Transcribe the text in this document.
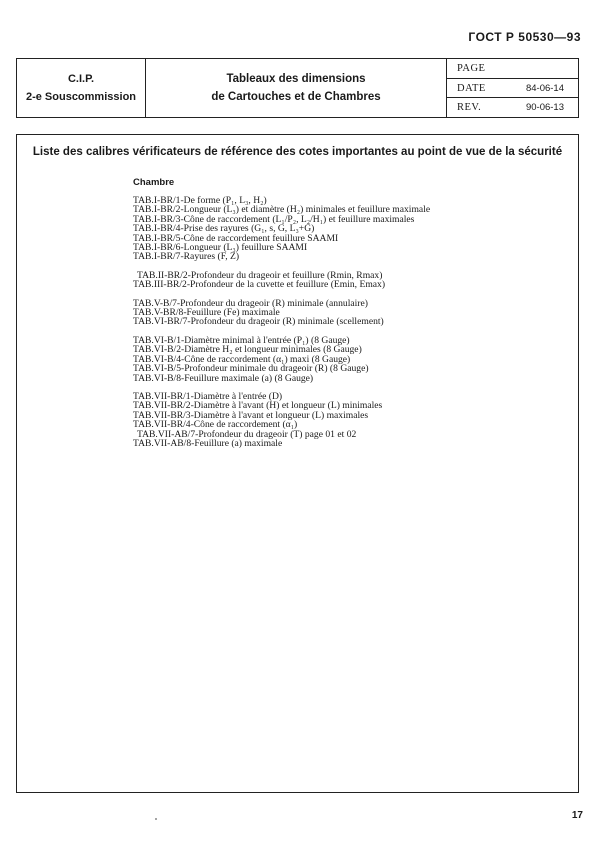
ГОСТ Р 50530—93
C.I.P.
2-e Souscommission
Tableaux des dimensions
de Cartouches et de Chambres
PAGE
DATE	84-06-14
REV.	90-06-13
Liste des calibres vérificateurs de référence des cotes importantes au point de vue de la sécurité
Chambre
TAB.I-BR/1-De forme (P₁, L₃, H₂)
TAB.I-BR/2-Longueur (L₃) et diamètre (H₂) minimales et feuillure maximale
TAB.I-BR/3-Cône de raccordement (L₁/P₂, L₂/H₁) et feuillure maximales
TAB.I-BR/4-Prise des rayures (G₁, s, G, L₃+G)
TAB.I-BR/5-Cône de raccordement feuillure SAAMI
TAB.I-BR/6-Longueur (L₃) feuillure SAAMI
TAB.I-BR/7-Rayures (F, Z)
TAB.II-BR/2-Profondeur du drageoir et feuillure (Rmin, Rmax)
TAB.III-BR/2-Profondeur de la cuvette et feuillure (Emin, Emax)
TAB.V-B/7-Profondeur du drageoir (R) minimale (annulaire)
TAB.V-BR/8-Feuillure (Fe) maximale
TAB.VI-BR/7-Profondeur du drageoir (R) minimale (scellement)
TAB.VI-B/1-Diamètre minimal à l'entrée (P₁) (8 Gauge)
TAB.VI-B/2-Diamètre H₂ et longueur minimales (8 Gauge)
TAB.VI-B/4-Cône de raccordement (α₁) maxi (8 Gauge)
TAB.VI-B/5-Profondeur minimale du drageoir (R) (8 Gauge)
TAB.VI-B/8-Feuillure maximale (a) (8 Gauge)
TAB.VII-BR/1-Diamètre à l'entrée (D)
TAB.VII-BR/2-Diamètre à l'avant (H) et longueur (L) minimales
TAB.VII-BR/3-Diamètre à l'avant et longueur (L) maximales
TAB.VII-BR/4-Cône de raccordement (α₁)
TAB.VII-AB/7-Profondeur du drageoir (T) page 01 et 02
TAB.VII-AB/8-Feuillure (a) maximale
17
